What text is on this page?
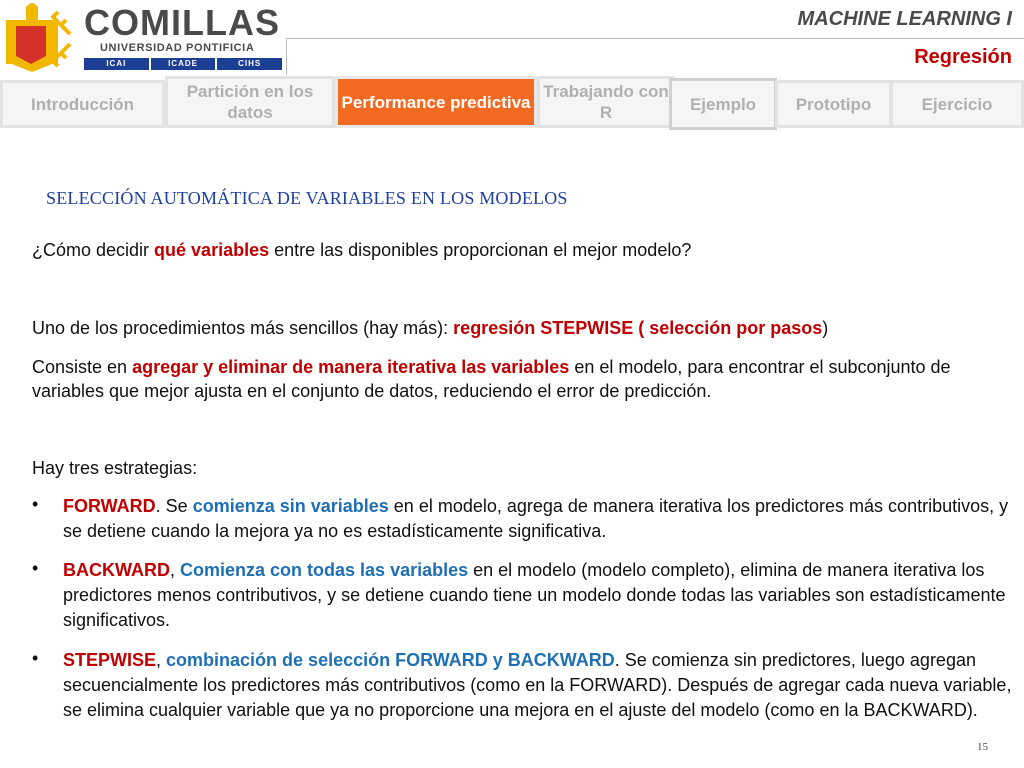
COMILLAS
UNIVERSIDAD PONTIFICIA
ICAI	ICADE	CIHS
MACHINE LEARNING I
Regresión
Introducción
Partición en los datos
Performance predictiva
Trabajando con R	Ejemplo	Prototipo	Ejercicio
SELECCIÓN AUTOMÁTICA DE VARIABLES EN LOS MODELOS
¿Cómo decidir qué variables entre las disponibles proporcionan el mejor modelo?
Uno de los procedimientos más sencillos (hay más): regresión STEPWISE ( selección por pasos)
Consiste en agregar y eliminar de manera iterativa las variables en el modelo, para encontrar el subconjunto de variables que mejor ajusta en el conjunto de datos, reduciendo el error de predicción.
Hay tres estrategias:
• FORWARD. Se comienza sin variables en el modelo, agrega de manera iterativa los predictores más contributivos, y se detiene cuando la mejora ya no es estadísticamente significativa.
• BACKWARD, Comienza con todas las variables en el modelo (modelo completo), elimina de manera iterativa los predictores menos contributivos, y se detiene cuando tiene un modelo donde todas las variables son estadísticamente significativos.
• STEPWISE, combinación de selección FORWARD y BACKWARD. Se comienza sin predictores, luego agregan secuencialmente los predictores más contributivos (como en la FORWARD). Después de agregar cada nueva variable, se elimina cualquier variable que ya no proporcione una mejora en el ajuste del modelo (como en la BACKWARD).
15
